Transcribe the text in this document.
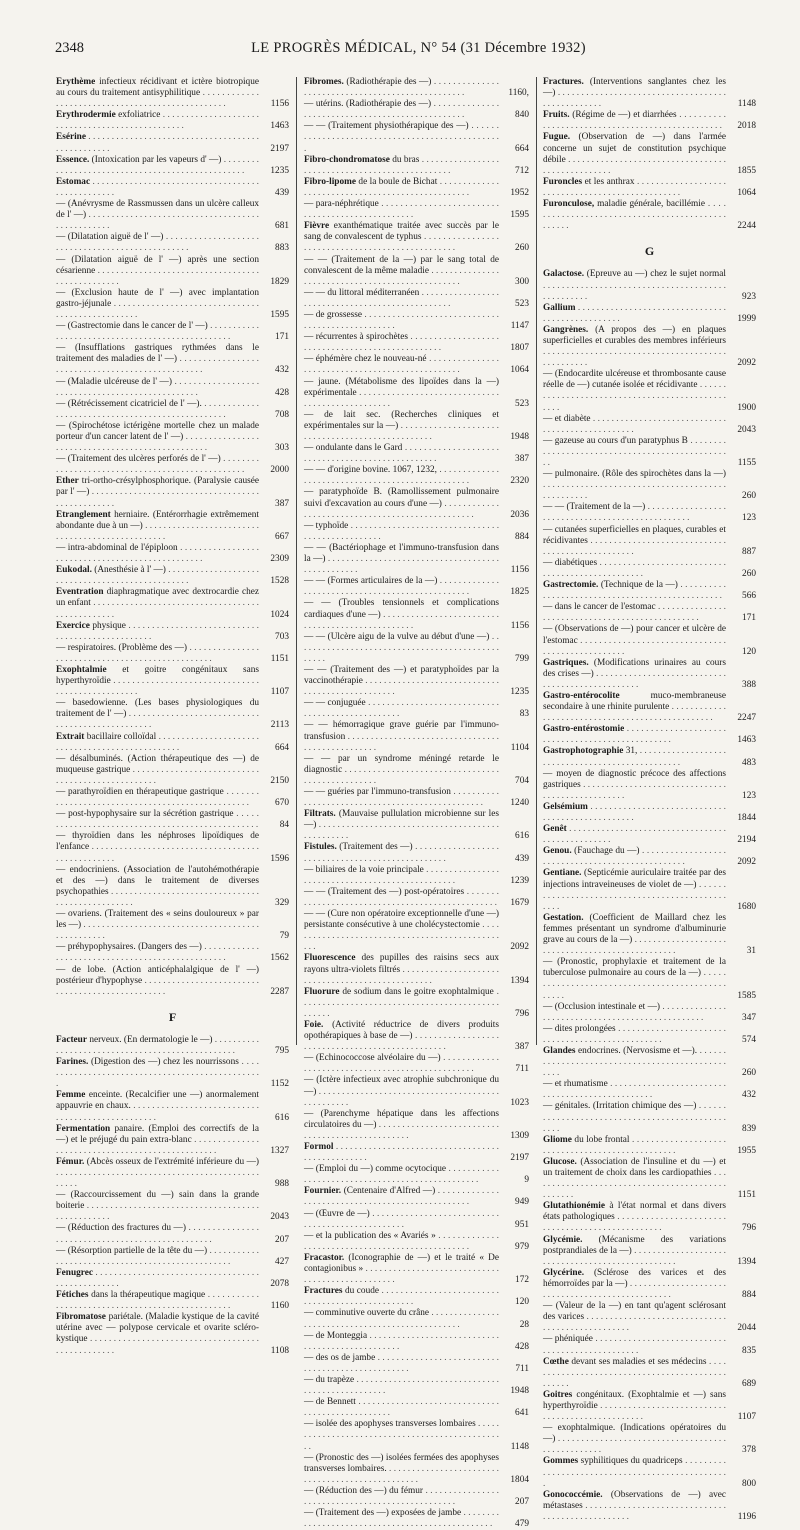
2348	LE PROGRÈS MÉDICAL, N° 54 (31 Décembre 1932)
Erythème infectieux récidivant et ictère biotropique au cours du traitement antisyphilitique . . .
1156
Erythrodermie exfoliatrice . . .
1463
Esérine . . .
2197
Essence. (Intoxication par les vapeurs d' —) . . .
1235
Estomac . . .
439
— (Anévrysme de Rassmussen dans un ulcère calleux de l' —) . . .
681
— (Dilatation aiguë de l' —) . . .
883
— (Dilatation aiguë de l' —) après une section césarienne . . .
1829
— (Exclusion haute de l' —) avec implantation gastro-jéjunale . . .
1595
— (Gastrectomie dans le cancer de l' —) . . .
171
— (Insufflations gastriques rythmées dans le traitement des maladies de l' —) . . .
432
— (Maladie ulcéreuse de l' —) . . .
428
— (Rétrécissement cicatriciel de l' —). . . .
708
— (Spirochétose ictérigène mortelle chez un malade porteur d'un cancer latent de l' —) . . .
303
— (Traitement des ulcères perforés de l' —) . . .
2000
Ether tri-ortho-crésylphosphorique. (Paralysie causée par l' —) . . .
387
Etranglement herniaire. (Entérorrhagie extrêmement abondante due à un —) . . .
667
— intra-abdominal de l'épiploon . . .
2309
Eukodal. (Anesthésie à l' —) . . .
1528
Eventration diaphragmatique avec dextrocardie chez un enfant . . .
1024
Exercice physique . . .
703
— respiratoires. (Problème des —) . . .
1151
Exophtalmie et goitre congénitaux sans hyperthyroïdie . . .
1107
— basedowienne. (Les bases physiologiques du traitement de l' —) . . .
2113
Extrait bacillaire colloïdal . . .
664
— désalbuminés. (Action thérapeutique des —) de muqueuse gastrique . . .
2150
— parathyroïdien en thérapeutique gastrique . . .
670
— post-hypophysaire sur la sécrétion gastrique . . .
84
— thyroïdien dans les néphroses lipoïdiques de l'enfance . . .
1596
— endocriniens. (Association de l'autohémothérapie et des —) dans le traitement de diverses psychopathies . . .
329
— ovariens. (Traitement des « seins douloureux » par les —) . . .
79
— préhypophysaires. (Dangers des —) . . .
1562
— de lobe. (Action anticéphalalgique de l' —) postérieur d'hypophyse . . .
2287
F
Facteur nerveux. (En dermatologie le —) . . .
795
Farines. (Digestion des —) chez les nourrissons . . .
1152
Femme enceinte. (Recalcifier une —) anormalement appauvrie en chaux. . . .
616
Fermentation panaire. (Emploi des correctifs de la —) et le préjugé du pain extra-blanc . . .
1327
Fémur. (Abcès osseux de l'extrémité inférieure du —) . . .
988
— (Raccourcissement du —) sain dans la grande boiterie . . .
2043
— (Réduction des fractures du —) . . .
207
— (Résorption partielle de la tête du —) . . .
427
Fenugrec . . .
2078
Fétiches dans la thérapeutique magique . . .
1160
Fibromatose pariétale. (Maladie kystique de la cavité utérine avec — polypose cervicale et ovarite scléro-kystique . . .
1108
Fibromes. (Radiothérapie des —) . . .
1160,
— utérins. (Radiothérapie des —) . . .
840
— — (Traitement physiothérapique des —) . . .
664
Fibro-chondromatose du bras . . .
712
Fibro-lipome de la boule de Bichat . . .
1952
— para-néphrétique . . .
1595
Fièvre exanthématique traitée avec succès par le sang de convalescent de typhus . . .
260
— — (Traitement de la —) par le sang total de convalescent de la même maladie . . .
300
— — du littoral méditerranéen . . .
523
— de grossesse . . .
1147
— récurrentes à spirochètes . . .
1807
— éphémère chez le nouveau-né . . .
1064
— jaune. (Métabolisme des lipoïdes dans la —) expérimentale . . .
523
— de lait sec. (Recherches cliniques et expérimentales sur la —) . . .
1948
— ondulante dans le Gard . . .
387
— — d'origine bovine. 1067, 1232, . . .
2320
— paratyphoïde B. (Ramollissement pulmonaire suivi d'excavation au cours d'une —) . . .
2036
— typhoïde . . .
884
— — (Bactériophage et l'immuno-transfusion dans la —) . . .
1156
— — (Formes articulaires de la —) . . .
1825
— — (Troubles tensionnels et complications cardiaques d'une —) . . .
1156
— — (Ulcère aigu de la vulve au début d'une —) . . .
799
— — (Traitement des —) et paratyphoïdes par la vaccinothérapie . . .
1235
— — conjuguée . . .
83
— — hémorragique grave guérie par l'immuno-transfusion . . .
1104
— — par un syndrome méningé retarde le diagnostic . . .
704
— — guéries par l'immuno-transfusion . . .
1240
Filtrats. (Mauvaise pullulation microbienne sur les —) . . .
616
Fistules. (Traitement des —) . . .
439
— biliaires de la voie principale . . .
1239
— — (Traitement des —) post-opératoires . . .
1679
— — (Cure non opératoire exceptionnelle d'une —) persistante consécutive à une cholécystectomie . . .
2092
Fluorescence des pupilles des raisins secs aux rayons ultra-violets filtrés . . .
1394
Fluorure de sodium dans le goitre exophtalmique . . .
796
Foie. (Activité réductrice de divers produits opothérapiques à base de —) . . .
387
— (Echinococcose alvéolaire du —) . . .
711
— (Ictère infectieux avec atrophie subchronique du —) . . .
1023
— (Parenchyme hépatique dans les affections circulatoires du —) . . .
1309
Formol . . .
2197
— (Emploi du —) comme ocytocique . . .
9
Fournier. (Centenaire d'Alfred —) . . .
949
— (Œuvre de —) . . .
951
— et la publication des « Avariés » . . .
979
Fracastor. (Iconographie de —) et le traité « De contagionibus » . . .
172
Fractures du coude . . .
120
— comminutive ouverte du crâne . . .
28
— de Monteggia . . .
428
— des os de jambe . . .
711
— du trapèze . . .
1948
— de Bennett . . .
641
— isolée des apophyses transverses lombaires . . .
1148
— (Pronostic des —) isolées fermées des apophyses transverses lombaires. . . .
1804
— (Réduction des —) du fémur . . .
207
— (Traitement des —) exposées de jambe . . .
479
Fractures. (Interventions sanglantes chez les —) . . .
1148
Fruits. (Régime de —) et diarrhées . . .
2018
Fugue. (Observation de —) dans l'armée concerne un sujet de constitution psychique débile . . .
1855
Furoncles et les anthrax . . .
1064
Furonculose, maladie générale, bacillémie . . .
2244
G
Galactose. (Epreuve au —) chez le sujet normal . . .
923
Gallium . . .
1999
Gangrènes. (A propos des —) en plaques superficielles et curables des membres inférieurs . . .
2092
— (Endocardite ulcéreuse et thrombosante cause réelle de —) cutanée isolée et récidivante . . .
1900
— et diabète . . .
2043
— gazeuse au cours d'un paratyphus B . . .
1155
— pulmonaire. (Rôle des spirochètes dans la —) . . .
260
— — (Traitement de la —) . . .
123
— cutanées superficielles en plaques, curables et récidivantes . . .
887
— diabétiques . . .
260
Gastrectomie. (Technique de la —) . . .
566
— dans le cancer de l'estomac . . .
171
— (Observations de —) pour cancer et ulcère de l'estomac . . .
120
Gastriques. (Modifications urinaires au cours des crises —) . . .
388
Gastro-entérocolite muco-membraneuse secondaire à une rhinite purulente . . .
2247
Gastro-entérostomie . . .
1463
Gastrophotographie 31, . . .
483
— moyen de diagnostic précoce des affections gastriques . . .
123
Gelsémium . . .
1844
Genêt . . .
2194
Genou. (Fauchage du —) . . .
2092
Gentiane. (Septicémie auriculaire traitée par des injections intraveineuses de violet de —) . . .
1680
Gestation. (Coefficient de Maillard chez les femmes présentant un syndrome d'albuminurie grave au cours de la —) . . .
31
— (Pronostic, prophylaxie et traitement de la tuberculose pulmonaire au cours de la —) . . .
1585
— (Occlusion intestinale et —) . . .
347
— dites prolongées . . .
574
Glandes endocrines. (Nervosisme et —). . . .
260
— et rhumatisme . . .
432
— génitales. (Irritation chimique des —) . . .
839
Gliome du lobe frontal . . .
1955
Glucose. (Association de l'insuline et du —) et un traitement de choix dans les cardiopathies . . .
1151
Glutathionémie à l'état normal et dans divers états pathologiques . . .
796
Glycémie. (Mécanisme des variations postprandiales de la —) . . .
1394
Glycérine. (Sclérose des varices et des hémorroïdes par la —) . . .
884
— (Valeur de la —) en tant qu'agent sclérosant des varices . . .
2044
— phéniquée . . .
835
Cœthe devant ses maladies et ses médecins . . .
689
Goitres congénitaux. (Exophtalmie et —) sans hyperthyroïdie . . .
1107
— exophtalmique. (Indications opératoires du —) . . .
378
Gommes syphilitiques du quadriceps . . .
800
Gonococcémie. (Observations de —) avec métastases . . .
1196
